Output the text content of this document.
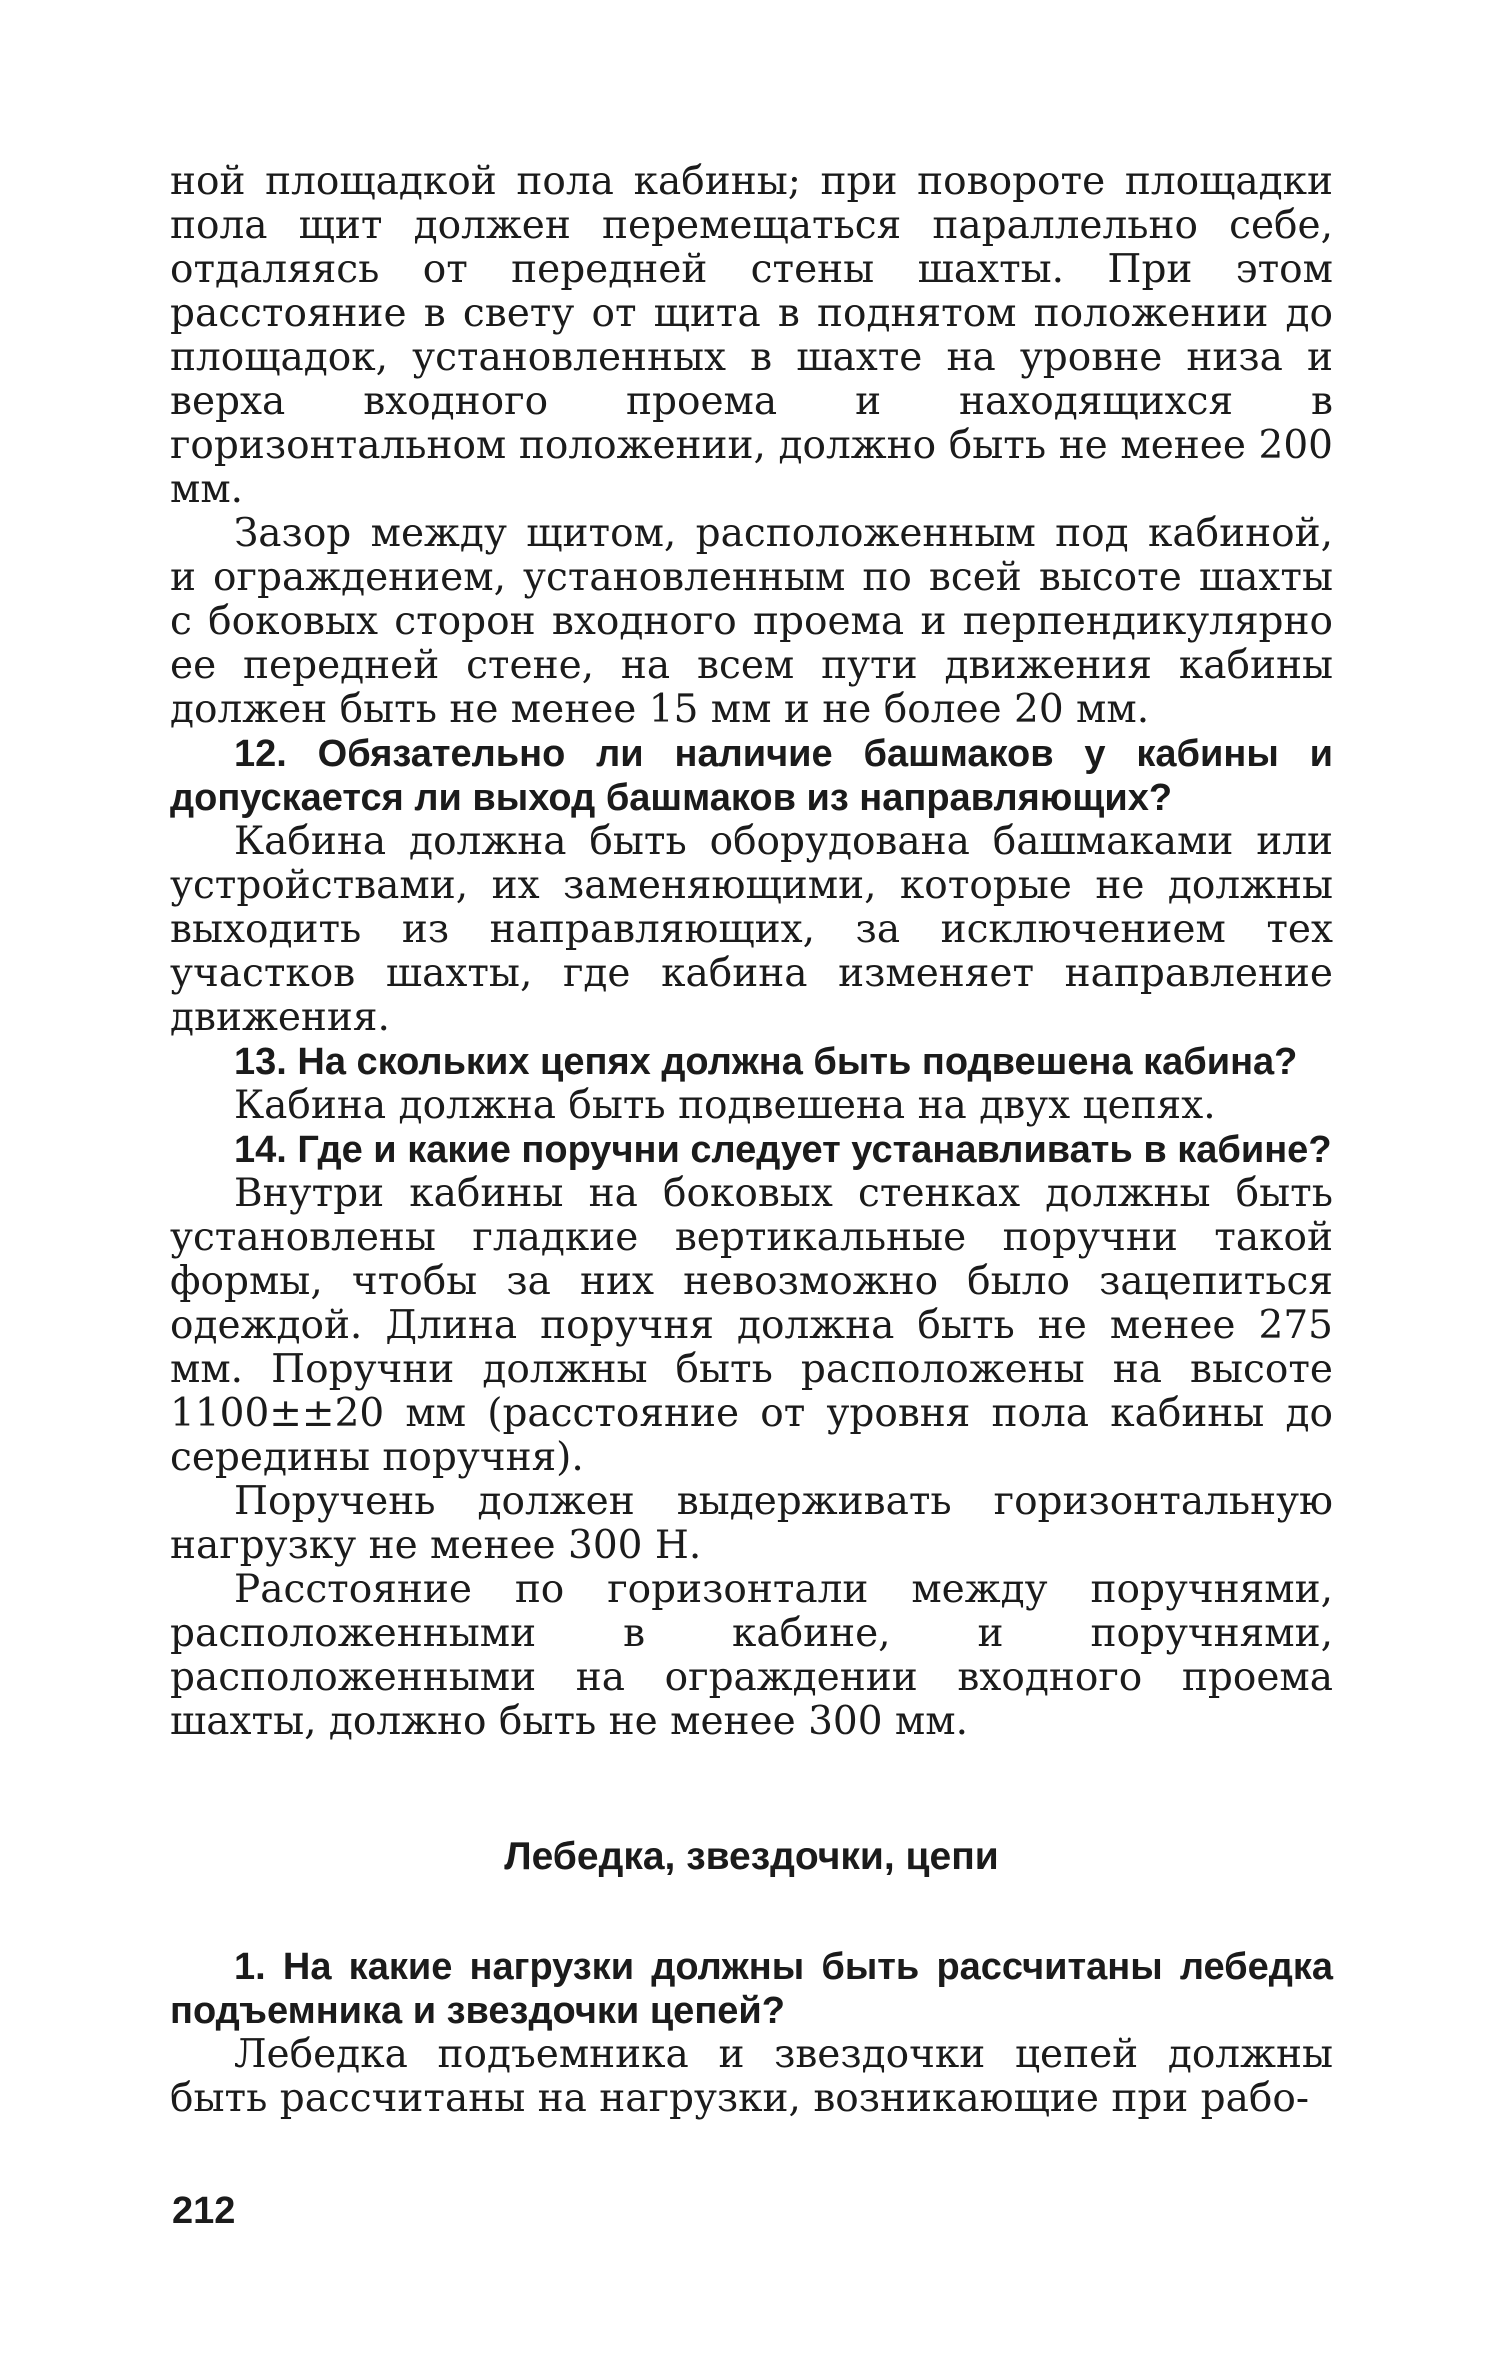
ной площадкой пола кабины; при повороте площадки пола щит должен перемещаться параллельно себе, отдаляясь от передней стены шахты. При этом расстояние в свету от щита в поднятом положении до площадок, установленных в шахте на уровне низа и верха входного проема и находящихся в горизонтальном положении, должно быть не менее 200 мм.

Зазор между щитом, расположенным под кабиной, и ограждением, установленным по всей высоте шахты с боковых сторон входного проема и перпендикулярно ее передней стене, на всем пути движения кабины должен быть не менее 15 мм и не более 20 мм.

12. Обязательно ли наличие башмаков у кабины и допускается ли выход башмаков из направляющих?

Кабина должна быть оборудована башмаками или устройствами, их заменяющими, которые не должны выходить из направляющих, за исключением тех участков шахты, где кабина изменяет направление движения.

13. На скольких цепях должна быть подвешена кабина?

Кабина должна быть подвешена на двух цепях.

14. Где и какие поручни следует устанавливать в кабине?

Внутри кабины на боковых стенках должны быть установлены гладкие вертикальные поручни такой формы, чтобы за них невозможно было зацепиться одеждой. Длина поручня должна быть не менее 275 мм. Поручни должны быть расположены на высоте 1100±±20 мм (расстояние от уровня пола кабины до середины поручня).

Поручень должен выдерживать горизонтальную нагрузку не менее 300 Н.

Расстояние по горизонтали между поручнями, расположенными в кабине, и поручнями, расположенными на ограждении входного проема шахты, должно быть не менее 300 мм.

Лебедка, звездочки, цепи

1. На какие нагрузки должны быть рассчитаны лебедка подъемника и звездочки цепей?

Лебедка подъемника и звездочки цепей должны быть рассчитаны на нагрузки, возникающие при рабо-

212
